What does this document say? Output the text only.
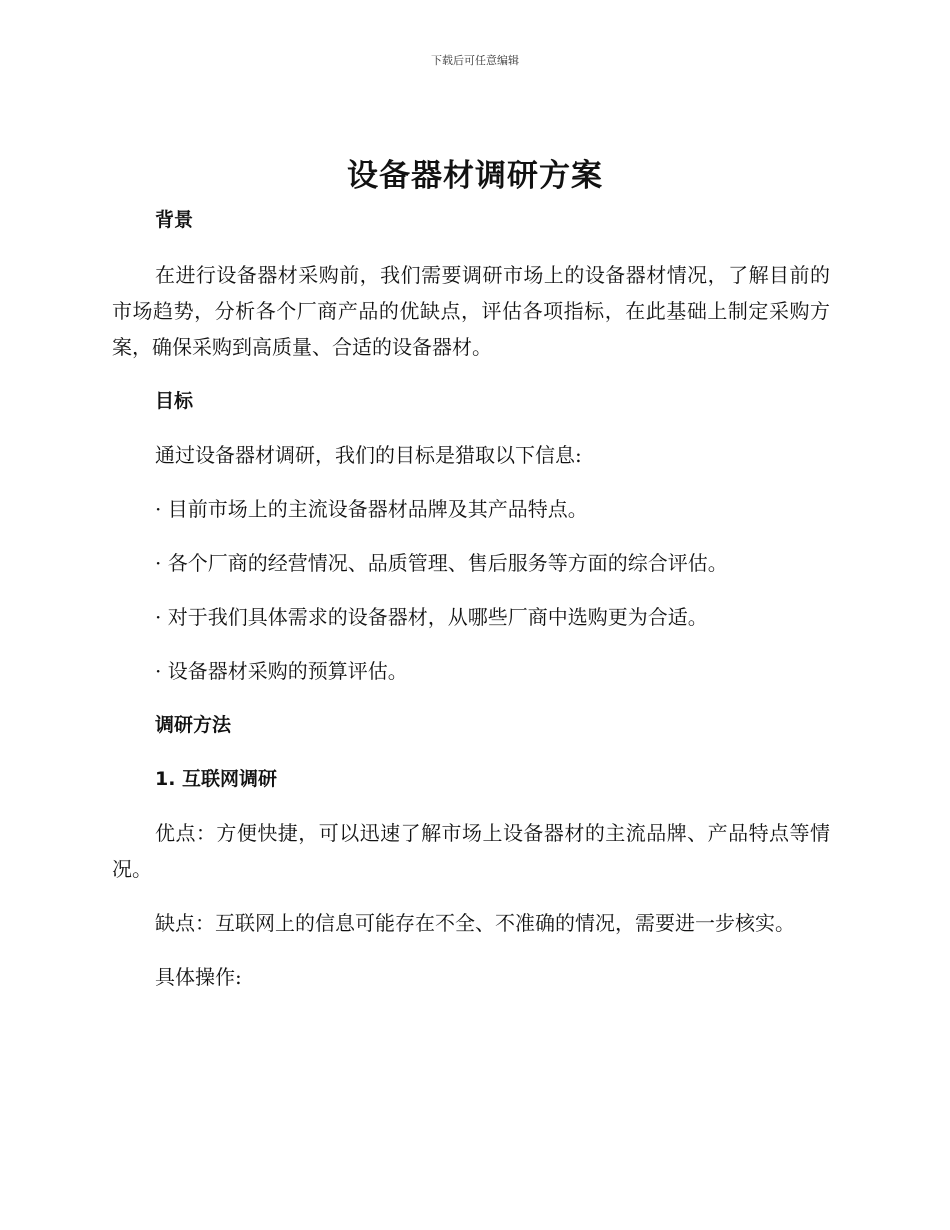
下载后可任意编辑
设备器材调研方案

背景

在进行设备器材采购前，我们需要调研市场上的设备器材情况，了解目前的市场趋势，分析各个厂商产品的优缺点，评估各项指标，在此基础上制定采购方案，确保采购到高质量、合适的设备器材。

目标

通过设备器材调研，我们的目标是猎取以下信息:

· 目前市场上的主流设备器材品牌及其产品特点。

· 各个厂商的经营情况、品质管理、售后服务等方面的综合评估。

· 对于我们具体需求的设备器材，从哪些厂商中选购更为合适。

· 设备器材采购的预算评估。

调研方法

1. 互联网调研

优点：方便快捷，可以迅速了解市场上设备器材的主流品牌、产品特点等情况。

缺点：互联网上的信息可能存在不全、不准确的情况，需要进一步核实。

具体操作:
